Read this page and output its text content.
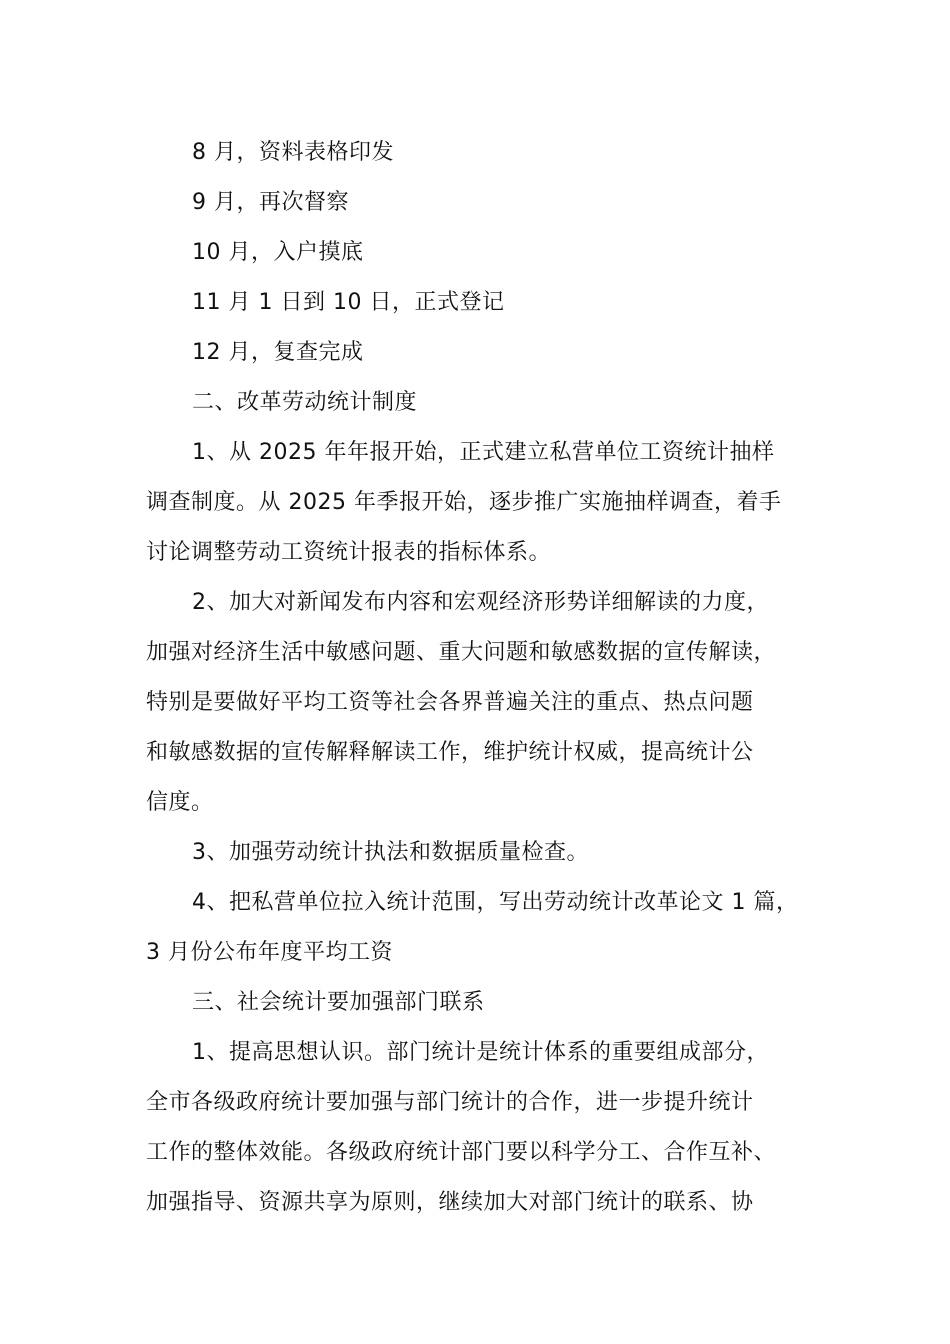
8 月，资料表格印发
9 月，再次督察
10 月，入户摸底
11 月 1 日到 10 日，正式登记
12 月，复查完成
二、改革劳动统计制度
1、从 2025 年年报开始，正式建立私营单位工资统计抽样
调查制度。从 2025 年季报开始，逐步推广实施抽样调查，着手
讨论调整劳动工资统计报表的指标体系。
2、加大对新闻发布内容和宏观经济形势详细解读的力度，
加强对经济生活中敏感问题、重大问题和敏感数据的宣传解读，
特别是要做好平均工资等社会各界普遍关注的重点、热点问题
和敏感数据的宣传解释解读工作，维护统计权威，提高统计公
信度。
3、加强劳动统计执法和数据质量检查。
4、把私营单位拉入统计范围，写出劳动统计改革论文 1 篇，
3 月份公布年度平均工资
三、社会统计要加强部门联系
1、提高思想认识。部门统计是统计体系的重要组成部分，
全市各级政府统计要加强与部门统计的合作，进一步提升统计
工作的整体效能。各级政府统计部门要以科学分工、合作互补、
加强指导、资源共享为原则，继续加大对部门统计的联系、协
